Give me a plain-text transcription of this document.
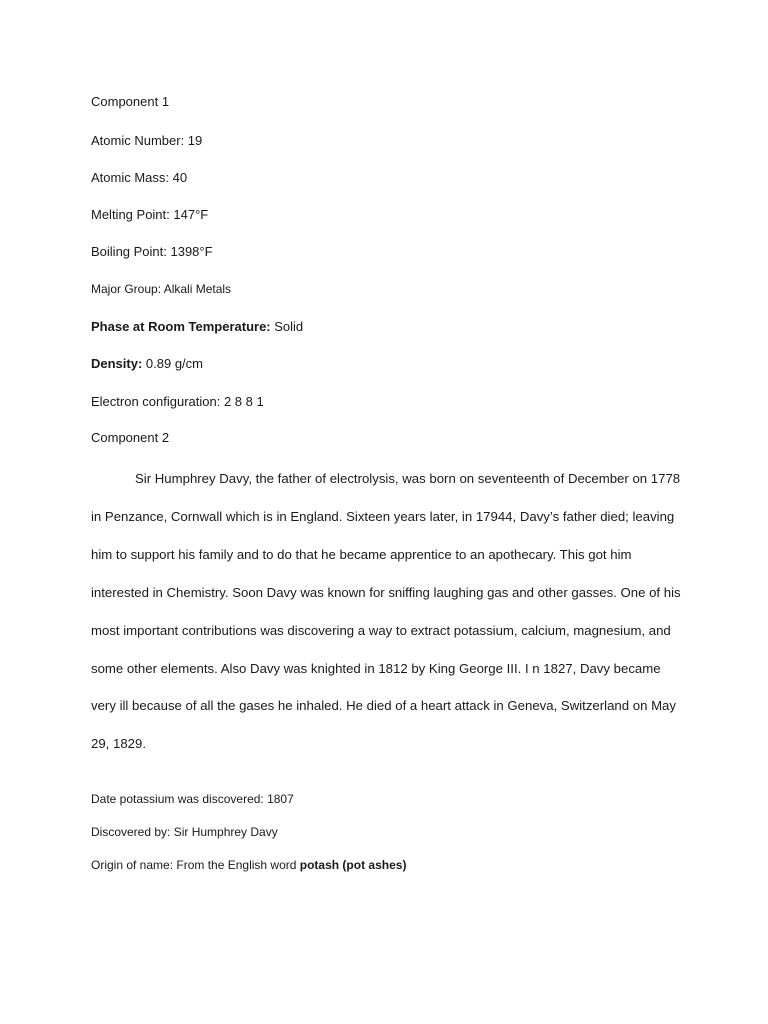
Component 1
Atomic Number: 19
Atomic Mass: 40
Melting Point: 147°F
Boiling Point: 1398°F
Major Group: Alkali Metals
Phase at Room Temperature: Solid
Density: 0.89 g/cm
Electron configuration: 2 8 8 1
Component 2

Sir Humphrey Davy, the father of electrolysis, was born on seventeenth of December on 1778 in Penzance, Cornwall which is in England. Sixteen years later, in 17944, Davy’s father died; leaving him to support his family and to do that he became apprentice to an apothecary. This got him interested in Chemistry. Soon Davy was known for sniffing laughing gas and other gasses. One of his most important contributions was discovering a way to extract potassium, calcium, magnesium, and some other elements. Also Davy was knighted in 1812 by King George III. I n 1827, Davy became very ill because of all the gases he inhaled. He died of a heart attack in Geneva, Switzerland on May 29, 1829.

Date potassium was discovered: 1807
Discovered by: Sir Humphrey Davy
Origin of name: From the English word potash (pot ashes)
